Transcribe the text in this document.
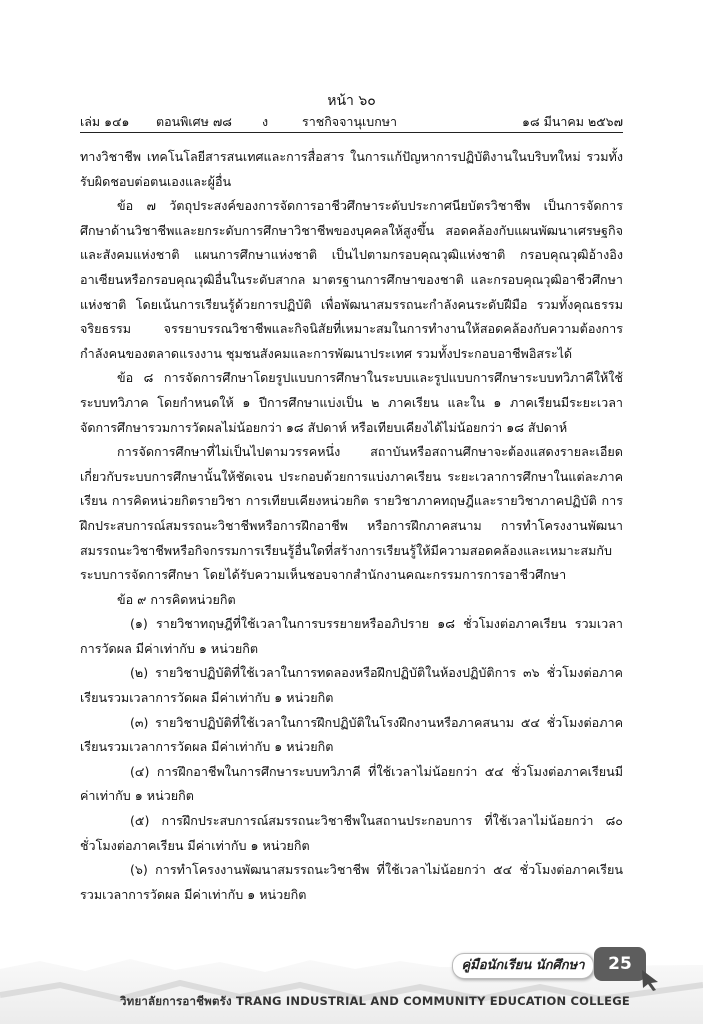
หน้า ๖๐
เล่ม ๑๔๑ ตอนพิเศษ ๗๘ ง	ราชกิจจานุเบกษา	๑๘ มีนาคม ๒๕๖๗

ทางวิชาชีพ เทคโนโลยีสารสนเทศและการสื่อสาร ในการแก้ปัญหาการปฏิบัติงานในบริบทใหม่ รวมทั้งรับผิดชอบต่อตนเองและผู้อื่น

ข้อ ๗ วัตถุประสงค์ของการจัดการอาชีวศึกษาระดับประกาศนียบัตรวิชาชีพ เป็นการจัดการศึกษาด้านวิชาชีพและยกระดับการศึกษาวิชาชีพของบุคคลให้สูงขึ้น สอดคล้องกับแผนพัฒนาเศรษฐกิจและสังคมแห่งชาติ แผนการศึกษาแห่งชาติ เป็นไปตามกรอบคุณวุฒิแห่งชาติ กรอบคุณวุฒิอ้างอิงอาเซียนหรือกรอบคุณวุฒิอื่นในระดับสากล มาตรฐานการศึกษาของชาติ และกรอบคุณวุฒิอาชีวศึกษาแห่งชาติ โดยเน้นการเรียนรู้ด้วยการปฏิบัติ เพื่อพัฒนาสมรรถนะกำลังคนระดับฝีมือ รวมทั้งคุณธรรม จริยธรรม จรรยาบรรณวิชาชีพและกิจนิสัยที่เหมาะสมในการทำงานให้สอดคล้องกับความต้องการกำลังคนของตลาดแรงงาน ชุมชนสังคมและการพัฒนาประเทศ รวมทั้งประกอบอาชีพอิสระได้

ข้อ ๘ การจัดการศึกษาโดยรูปแบบการศึกษาในระบบและรูปแบบการศึกษาระบบทวิภาคีให้ใช้ระบบทวิภาค โดยกำหนดให้ ๑ ปีการศึกษาแบ่งเป็น ๒ ภาคเรียน และใน ๑ ภาคเรียนมีระยะเวลาจัดการศึกษารวมการวัดผลไม่น้อยกว่า ๑๘ สัปดาห์ หรือเทียบเคียงได้ไม่น้อยกว่า ๑๘ สัปดาห์

การจัดการศึกษาที่ไม่เป็นไปตามวรรคหนึ่ง สถาบันหรือสถานศึกษาจะต้องแสดงรายละเอียดเกี่ยวกับระบบการศึกษานั้นให้ชัดเจน ประกอบด้วยการแบ่งภาคเรียน ระยะเวลาการศึกษาในแต่ละภาคเรียน การคิดหน่วยกิตรายวิชา การเทียบเคียงหน่วยกิต รายวิชาภาคทฤษฎีและรายวิชาภาคปฏิบัติ การฝึกประสบการณ์สมรรถนะวิชาชีพหรือการฝึกอาชีพ หรือการฝึกภาคสนาม การทำโครงงานพัฒนาสมรรถนะวิชาชีพหรือกิจกรรมการเรียนรู้อื่นใดที่สร้างการเรียนรู้ให้มีความสอดคล้องและเหมาะสมกับระบบการจัดการศึกษา โดยได้รับความเห็นชอบจากสำนักงานคณะกรรมการการอาชีวศึกษา

ข้อ ๙ การคิดหน่วยกิต

(๑) รายวิชาทฤษฎีที่ใช้เวลาในการบรรยายหรืออภิปราย ๑๘ ชั่วโมงต่อภาคเรียน รวมเวลาการวัดผล มีค่าเท่ากับ ๑ หน่วยกิต

(๒) รายวิชาปฏิบัติที่ใช้เวลาในการทดลองหรือฝึกปฏิบัติในห้องปฏิบัติการ ๓๖ ชั่วโมงต่อภาคเรียนรวมเวลาการวัดผล มีค่าเท่ากับ ๑ หน่วยกิต

(๓) รายวิชาปฏิบัติที่ใช้เวลาในการฝึกปฏิบัติในโรงฝึกงานหรือภาคสนาม ๕๔ ชั่วโมงต่อภาคเรียนรวมเวลาการวัดผล มีค่าเท่ากับ ๑ หน่วยกิต

(๔) การฝึกอาชีพในการศึกษาระบบทวิภาคี ที่ใช้เวลาไม่น้อยกว่า ๕๔ ชั่วโมงต่อภาคเรียนมีค่าเท่ากับ ๑ หน่วยกิต

(๕) การฝึกประสบการณ์สมรรถนะวิชาชีพในสถานประกอบการ ที่ใช้เวลาไม่น้อยกว่า ๘๐ ชั่วโมงต่อภาคเรียน มีค่าเท่ากับ ๑ หน่วยกิต

(๖) การทำโครงงานพัฒนาสมรรถนะวิชาชีพ ที่ใช้เวลาไม่น้อยกว่า ๕๔ ชั่วโมงต่อภาคเรียนรวมเวลาการวัดผล มีค่าเท่ากับ ๑ หน่วยกิต

คู่มือนักเรียน นักศึกษา	25
วิทยาลัยการอาชีพตรัง TRANG INDUSTRIAL AND COMMUNITY EDUCATION COLLEGE
